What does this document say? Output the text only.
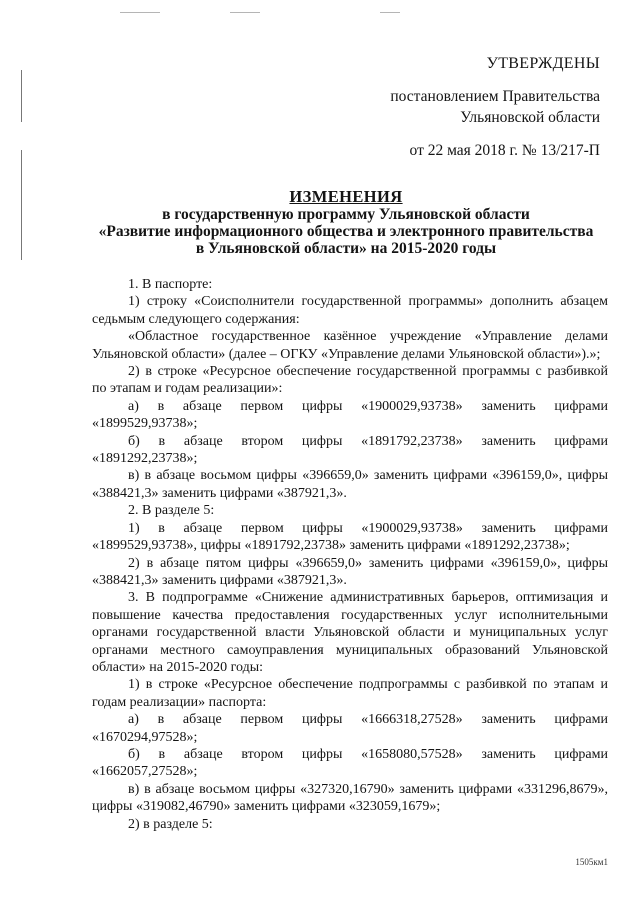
УТВЕРЖДЕНЫ
постановлением Правительства
Ульяновской области
от 22 мая 2018 г. № 13/217-П
ИЗМЕНЕНИЯ
в государственную программу Ульяновской области
«Развитие информационного общества и электронного правительства
в Ульяновской области» на 2015-2020 годы

1. В паспорте:

1) строку «Соисполнители государственной программы» дополнить абзацем седьмым следующего содержания:

«Областное государственное казённое учреждение «Управление делами Ульяновской области» (далее – ОГКУ «Управление делами Ульяновской области»).»;

2) в строке «Ресурсное обеспечение государственной программы с разбивкой по этапам и годам реализации»:

а) в абзаце первом цифры «1900029,93738» заменить цифрами «1899529,93738»;

б) в абзаце втором цифры «1891792,23738» заменить цифрами «1891292,23738»;

в) в абзаце восьмом цифры «396659,0» заменить цифрами «396159,0», цифры «388421,3» заменить цифрами «387921,3».

2. В разделе 5:

1) в абзаце первом цифры «1900029,93738» заменить цифрами «1899529,93738», цифры «1891792,23738» заменить цифрами «1891292,23738»;

2) в абзаце пятом цифры «396659,0» заменить цифрами «396159,0», цифры «388421,3» заменить цифрами «387921,3».

3. В подпрограмме «Снижение административных барьеров, оптимизация и повышение качества предоставления государственных услуг исполнительными органами государственной власти Ульяновской области и муниципальных услуг органами местного самоуправления муниципальных образований Ульяновской области» на 2015-2020 годы:

1) в строке «Ресурсное обеспечение подпрограммы с разбивкой по этапам и годам реализации» паспорта:

а) в абзаце первом цифры «1666318,27528» заменить цифрами «1670294,97528»;

б) в абзаце втором цифры «1658080,57528» заменить цифрами «1662057,27528»;

в) в абзаце восьмом цифры «327320,16790» заменить цифрами «331296,8679», цифры «319082,46790» заменить цифрами «323059,1679»;

2) в разделе 5:

1505км1
